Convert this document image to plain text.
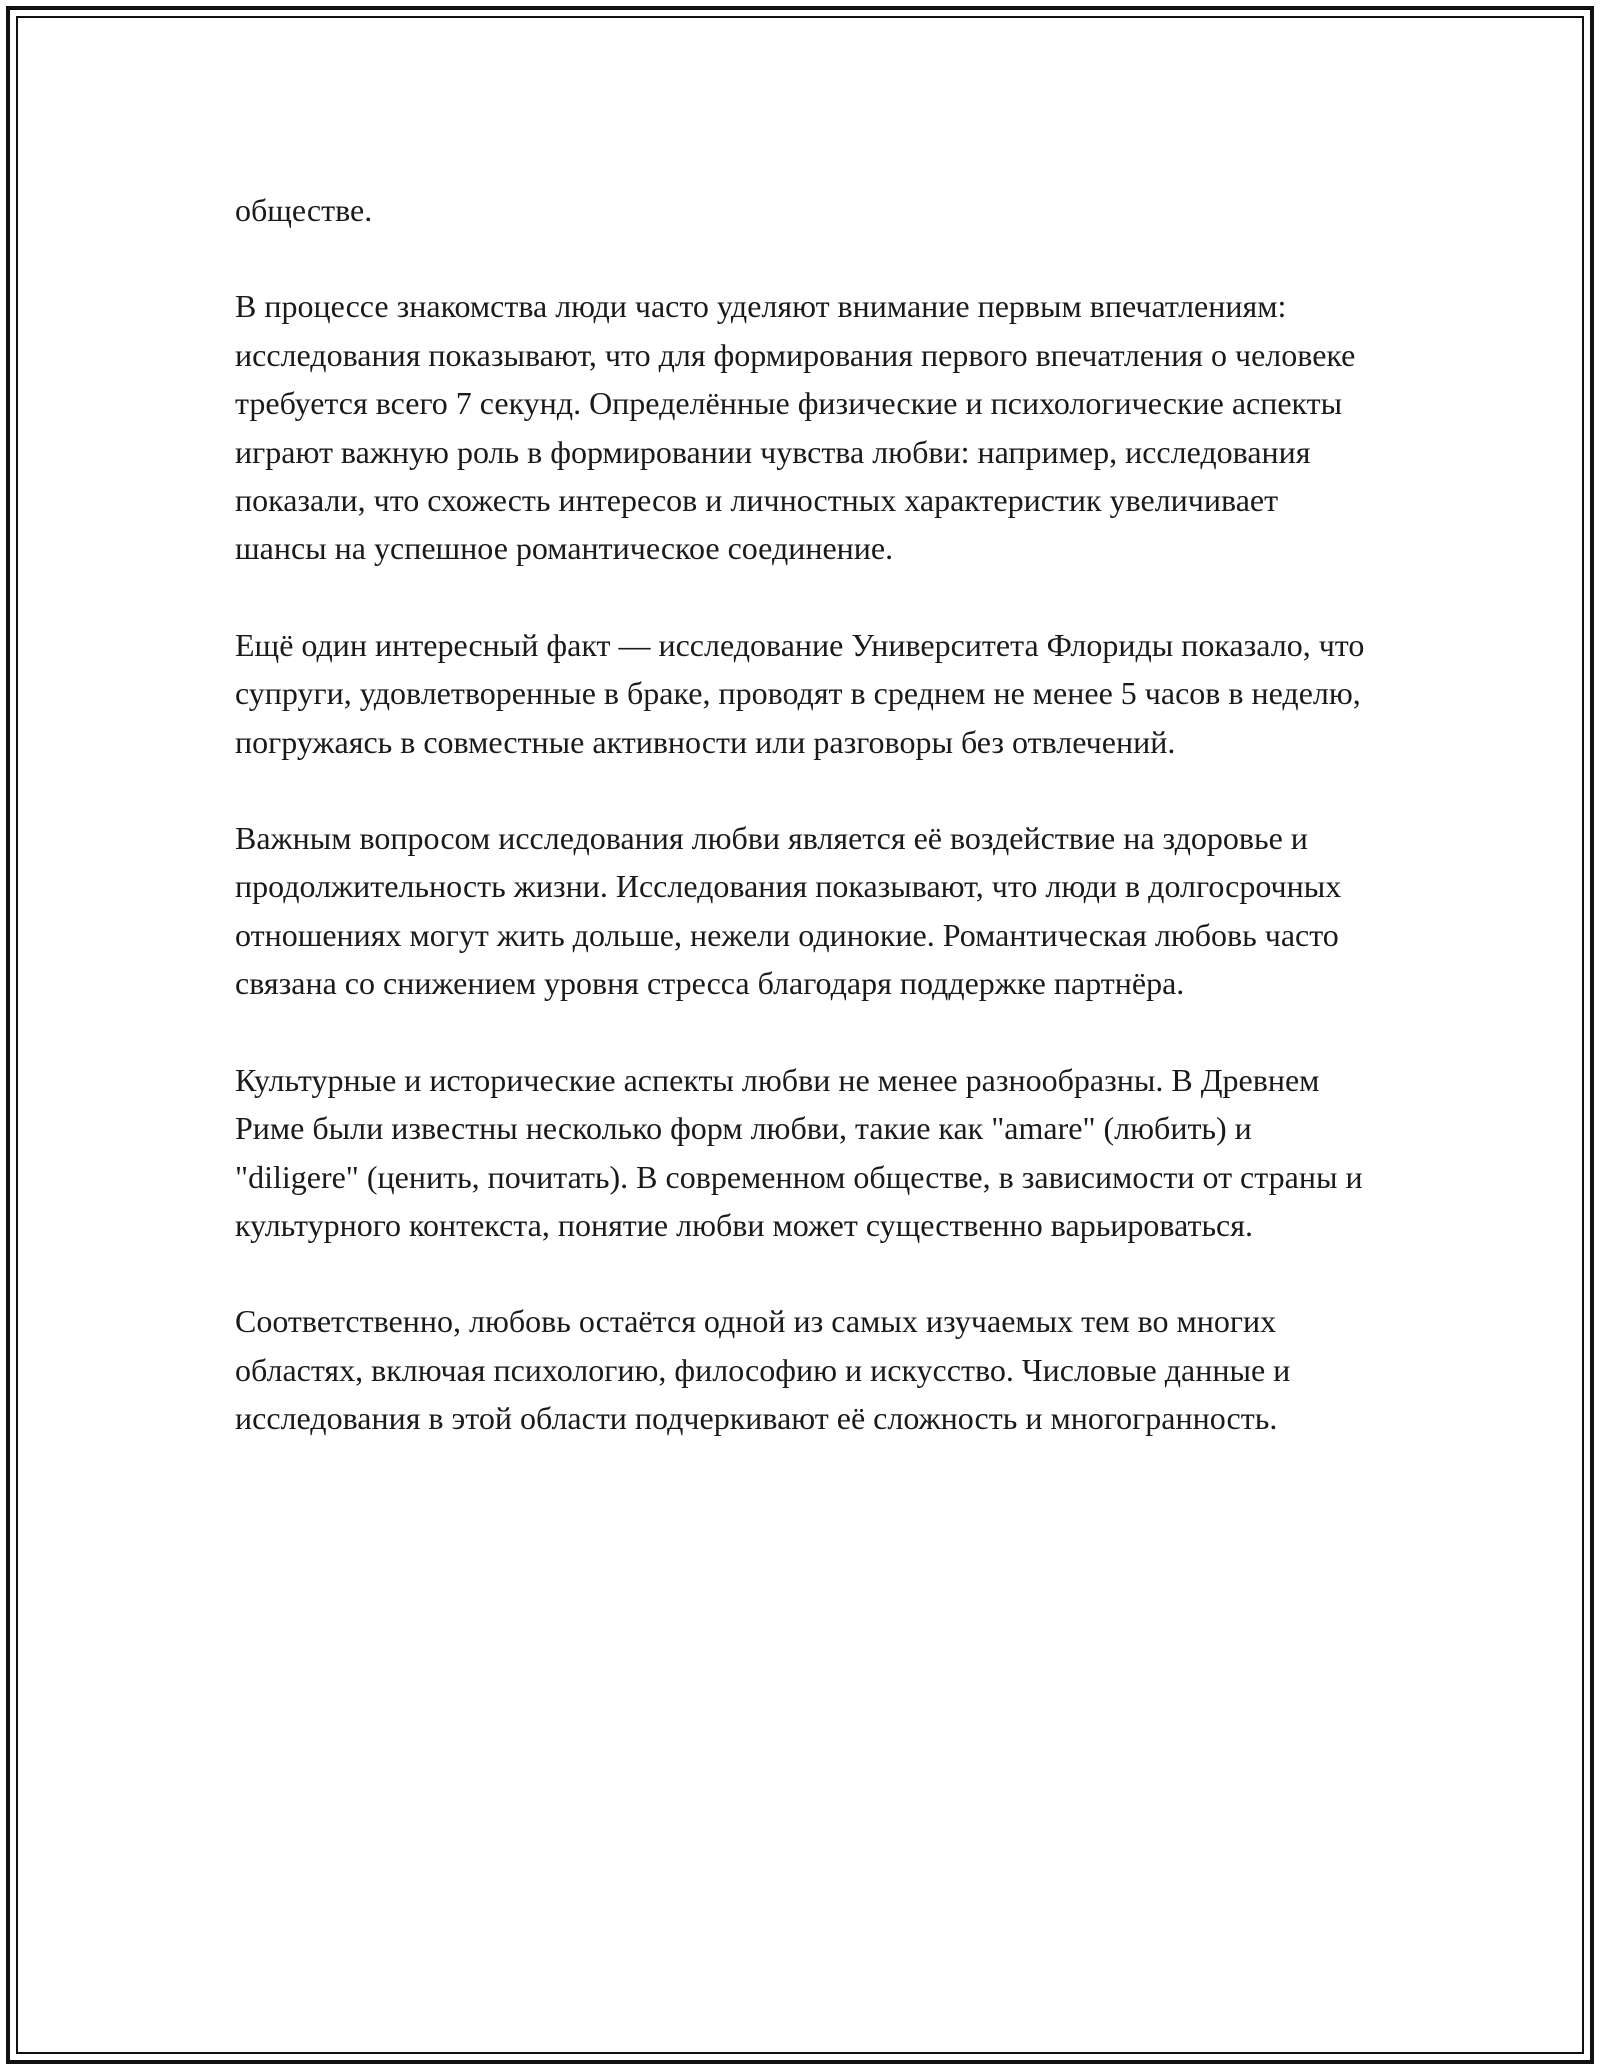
обществе.

В процессе знакомства люди часто уделяют внимание первым впечатлениям: исследования показывают, что для формирования первого впечатления о человеке требуется всего 7 секунд. Определённые физические и психологические аспекты играют важную роль в формировании чувства любви: например, исследования показали, что схожесть интересов и личностных характеристик увеличивает шансы на успешное романтическое соединение.

Ещё один интересный факт — исследование Университета Флориды показало, что супруги, удовлетворенные в браке, проводят в среднем не менее 5 часов в неделю, погружаясь в совместные активности или разговоры без отвлечений.

Важным вопросом исследования любви является её воздействие на здоровье и продолжительность жизни. Исследования показывают, что люди в долгосрочных отношениях могут жить дольше, нежели одинокие. Романтическая любовь часто связана со снижением уровня стресса благодаря поддержке партнёра.

Культурные и исторические аспекты любви не менее разнообразны. В Древнем Риме были известны несколько форм любви, такие как "amare" (любить) и "diligere" (ценить, почитать). В современном обществе, в зависимости от страны и культурного контекста, понятие любви может существенно варьироваться.

Соответственно, любовь остаётся одной из самых изучаемых тем во многих областях, включая психологию, философию и искусство. Числовые данные и исследования в этой области подчеркивают её сложность и многогранность.
